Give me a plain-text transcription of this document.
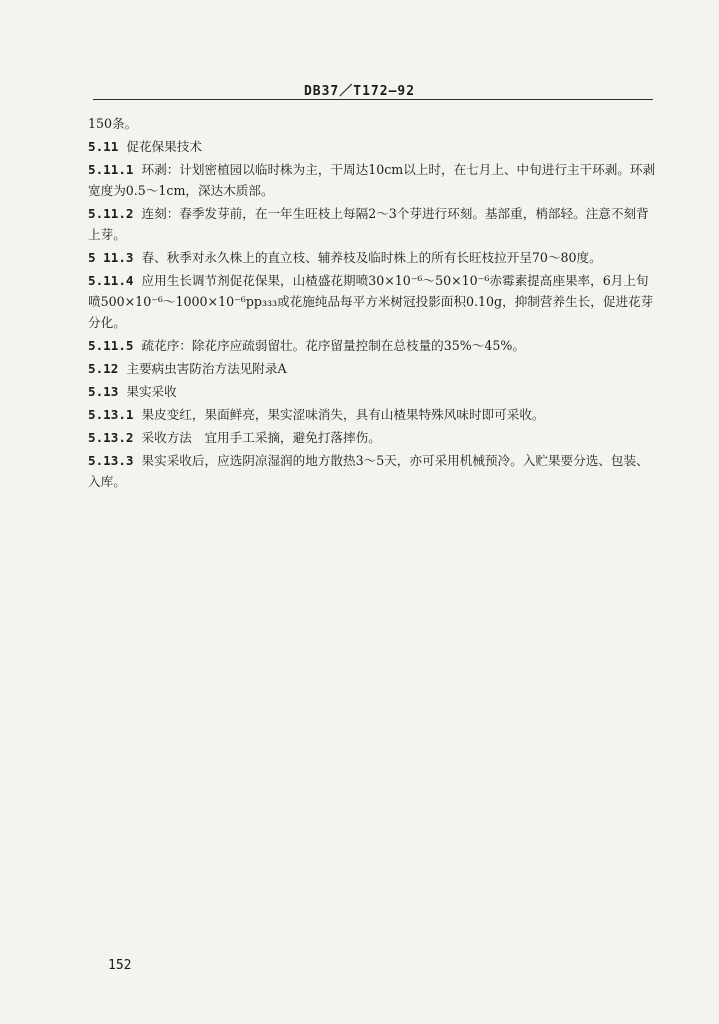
DB37／T172—92

150条。

5.11 促花保果技术

5.11.1 环剥：计划密植园以临时株为主，干周达10cm以上时，在七月上、中旬进行主干环剥。环剥宽度为0.5～1cm，深达木质部。

5.11.2 连刻：春季发芽前，在一年生旺枝上每隔2～3个芽进行环刻。基部重，梢部轻。注意不刻背上芽。

5 11.3 春、秋季对永久株上的直立枝、辅养枝及临时株上的所有长旺枝拉开呈70～80度。

5.11.4 应用生长调节剂促花保果，山楂盛花期喷30×10⁻⁶～50×10⁻⁶赤霉素提高座果率，6月上旬喷500×10⁻⁶～1000×10⁻⁶pp₃₃₃或花施纯品每平方米树冠投影面积0.10g，抑制营养生长，促进花芽分化。

5.11.5 疏花序：除花序应疏弱留壮。花序留量控制在总枝量的35%～45%。

5.12 主要病虫害防治方法见附录A

5.13 果实采收

5.13.1 果皮变红，果面鲜亮，果实涩味消失，具有山楂果特殊风味时即可采收。

5.13.2 采收方法　宜用手工采摘，避免打落摔伤。

5.13.3 果实采收后，应选阴凉湿润的地方散热3～5天，亦可采用机械预冷。入贮果要分选、包装、入库。

152
